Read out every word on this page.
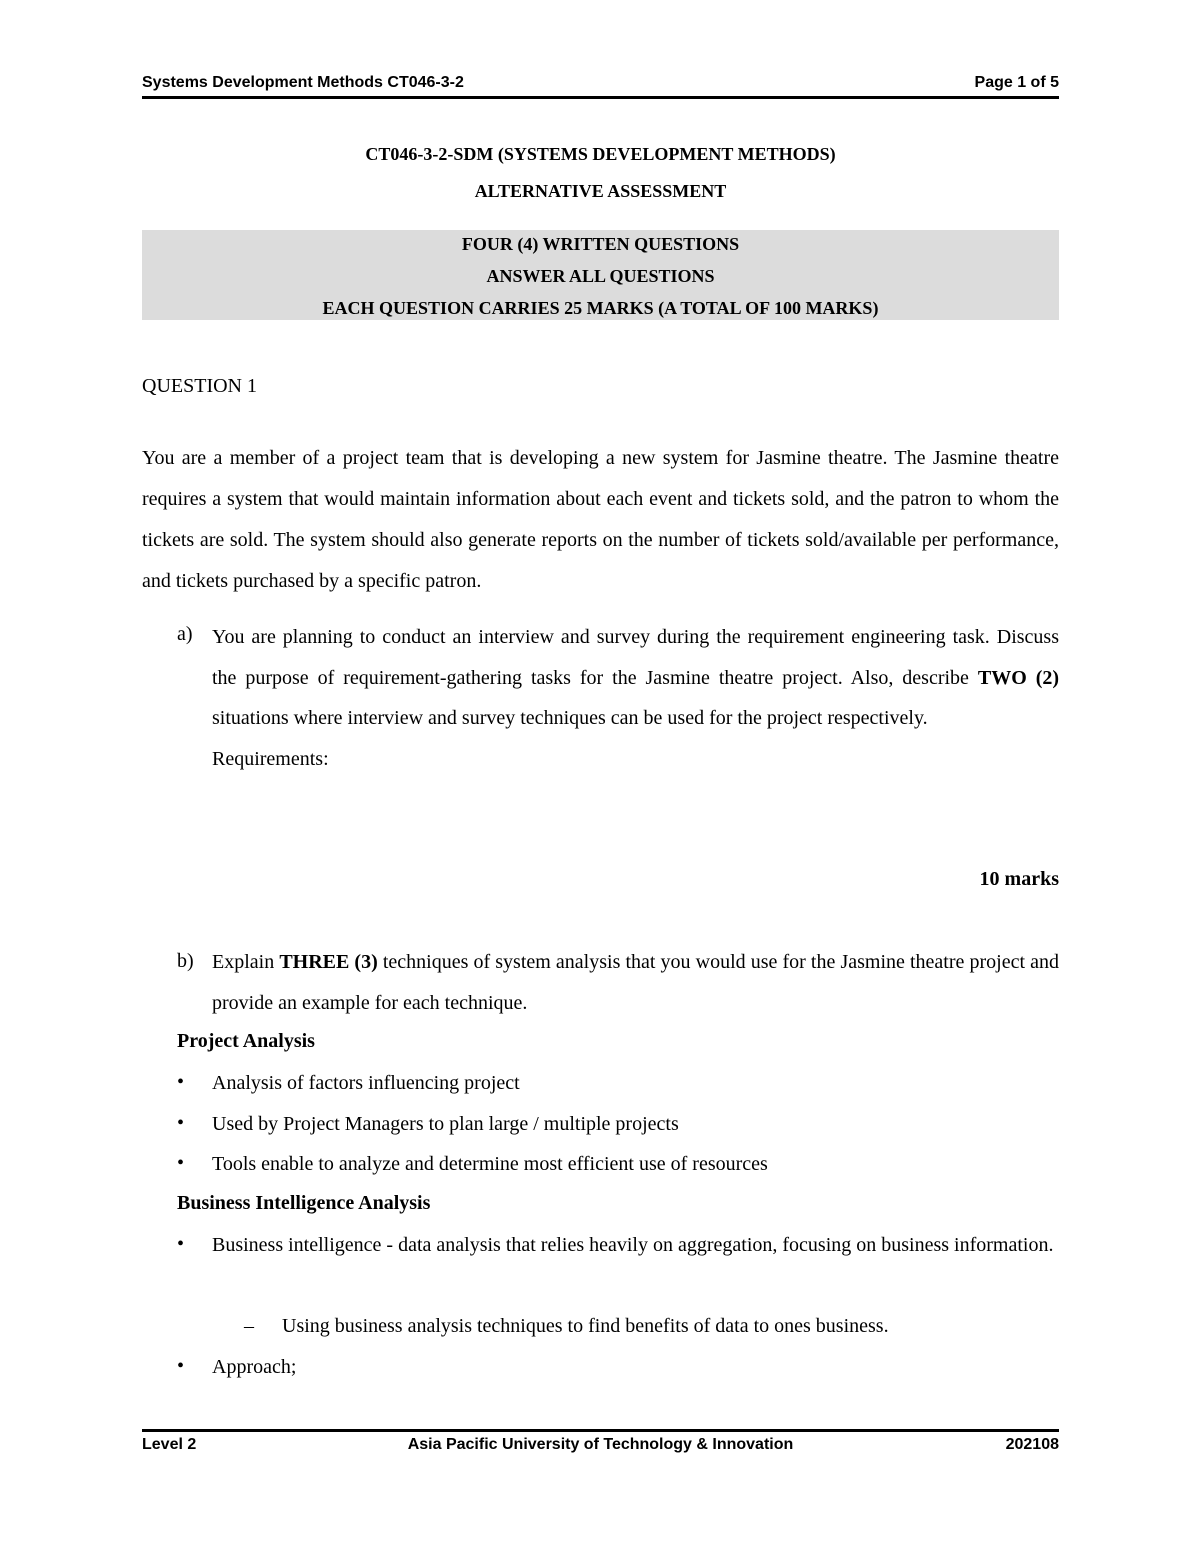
Systems Development Methods CT046-3-2	Page 1 of 5
CT046-3-2-SDM (SYSTEMS DEVELOPMENT METHODS)
ALTERNATIVE ASSESSMENT
FOUR (4) WRITTEN QUESTIONS
ANSWER ALL QUESTIONS
EACH QUESTION CARRIES 25 MARKS (A TOTAL OF 100 MARKS)
QUESTION 1
You are a member of a project team that is developing a new system for Jasmine theatre. The Jasmine theatre requires a system that would maintain information about each event and tickets sold, and the patron to whom the tickets are sold. The system should also generate reports on the number of tickets sold/available per performance, and tickets purchased by a specific patron.
a) You are planning to conduct an interview and survey during the requirement engineering task. Discuss the purpose of requirement-gathering tasks for the Jasmine theatre project. Also, describe TWO (2) situations where interview and survey techniques can be used for the project respectively.
Requirements:
10 marks
b) Explain THREE (3) techniques of system analysis that you would use for the Jasmine theatre project and provide an example for each technique.
Project Analysis
• Analysis of factors influencing project
• Used by Project Managers to plan large / multiple projects
• Tools enable to analyze and determine most efficient use of resources
Business Intelligence Analysis
• Business intelligence - data analysis that relies heavily on aggregation, focusing on business information.
– Using business analysis techniques to find benefits of data to ones business.
• Approach;
Level 2	Asia Pacific University of Technology & Innovation	202108
